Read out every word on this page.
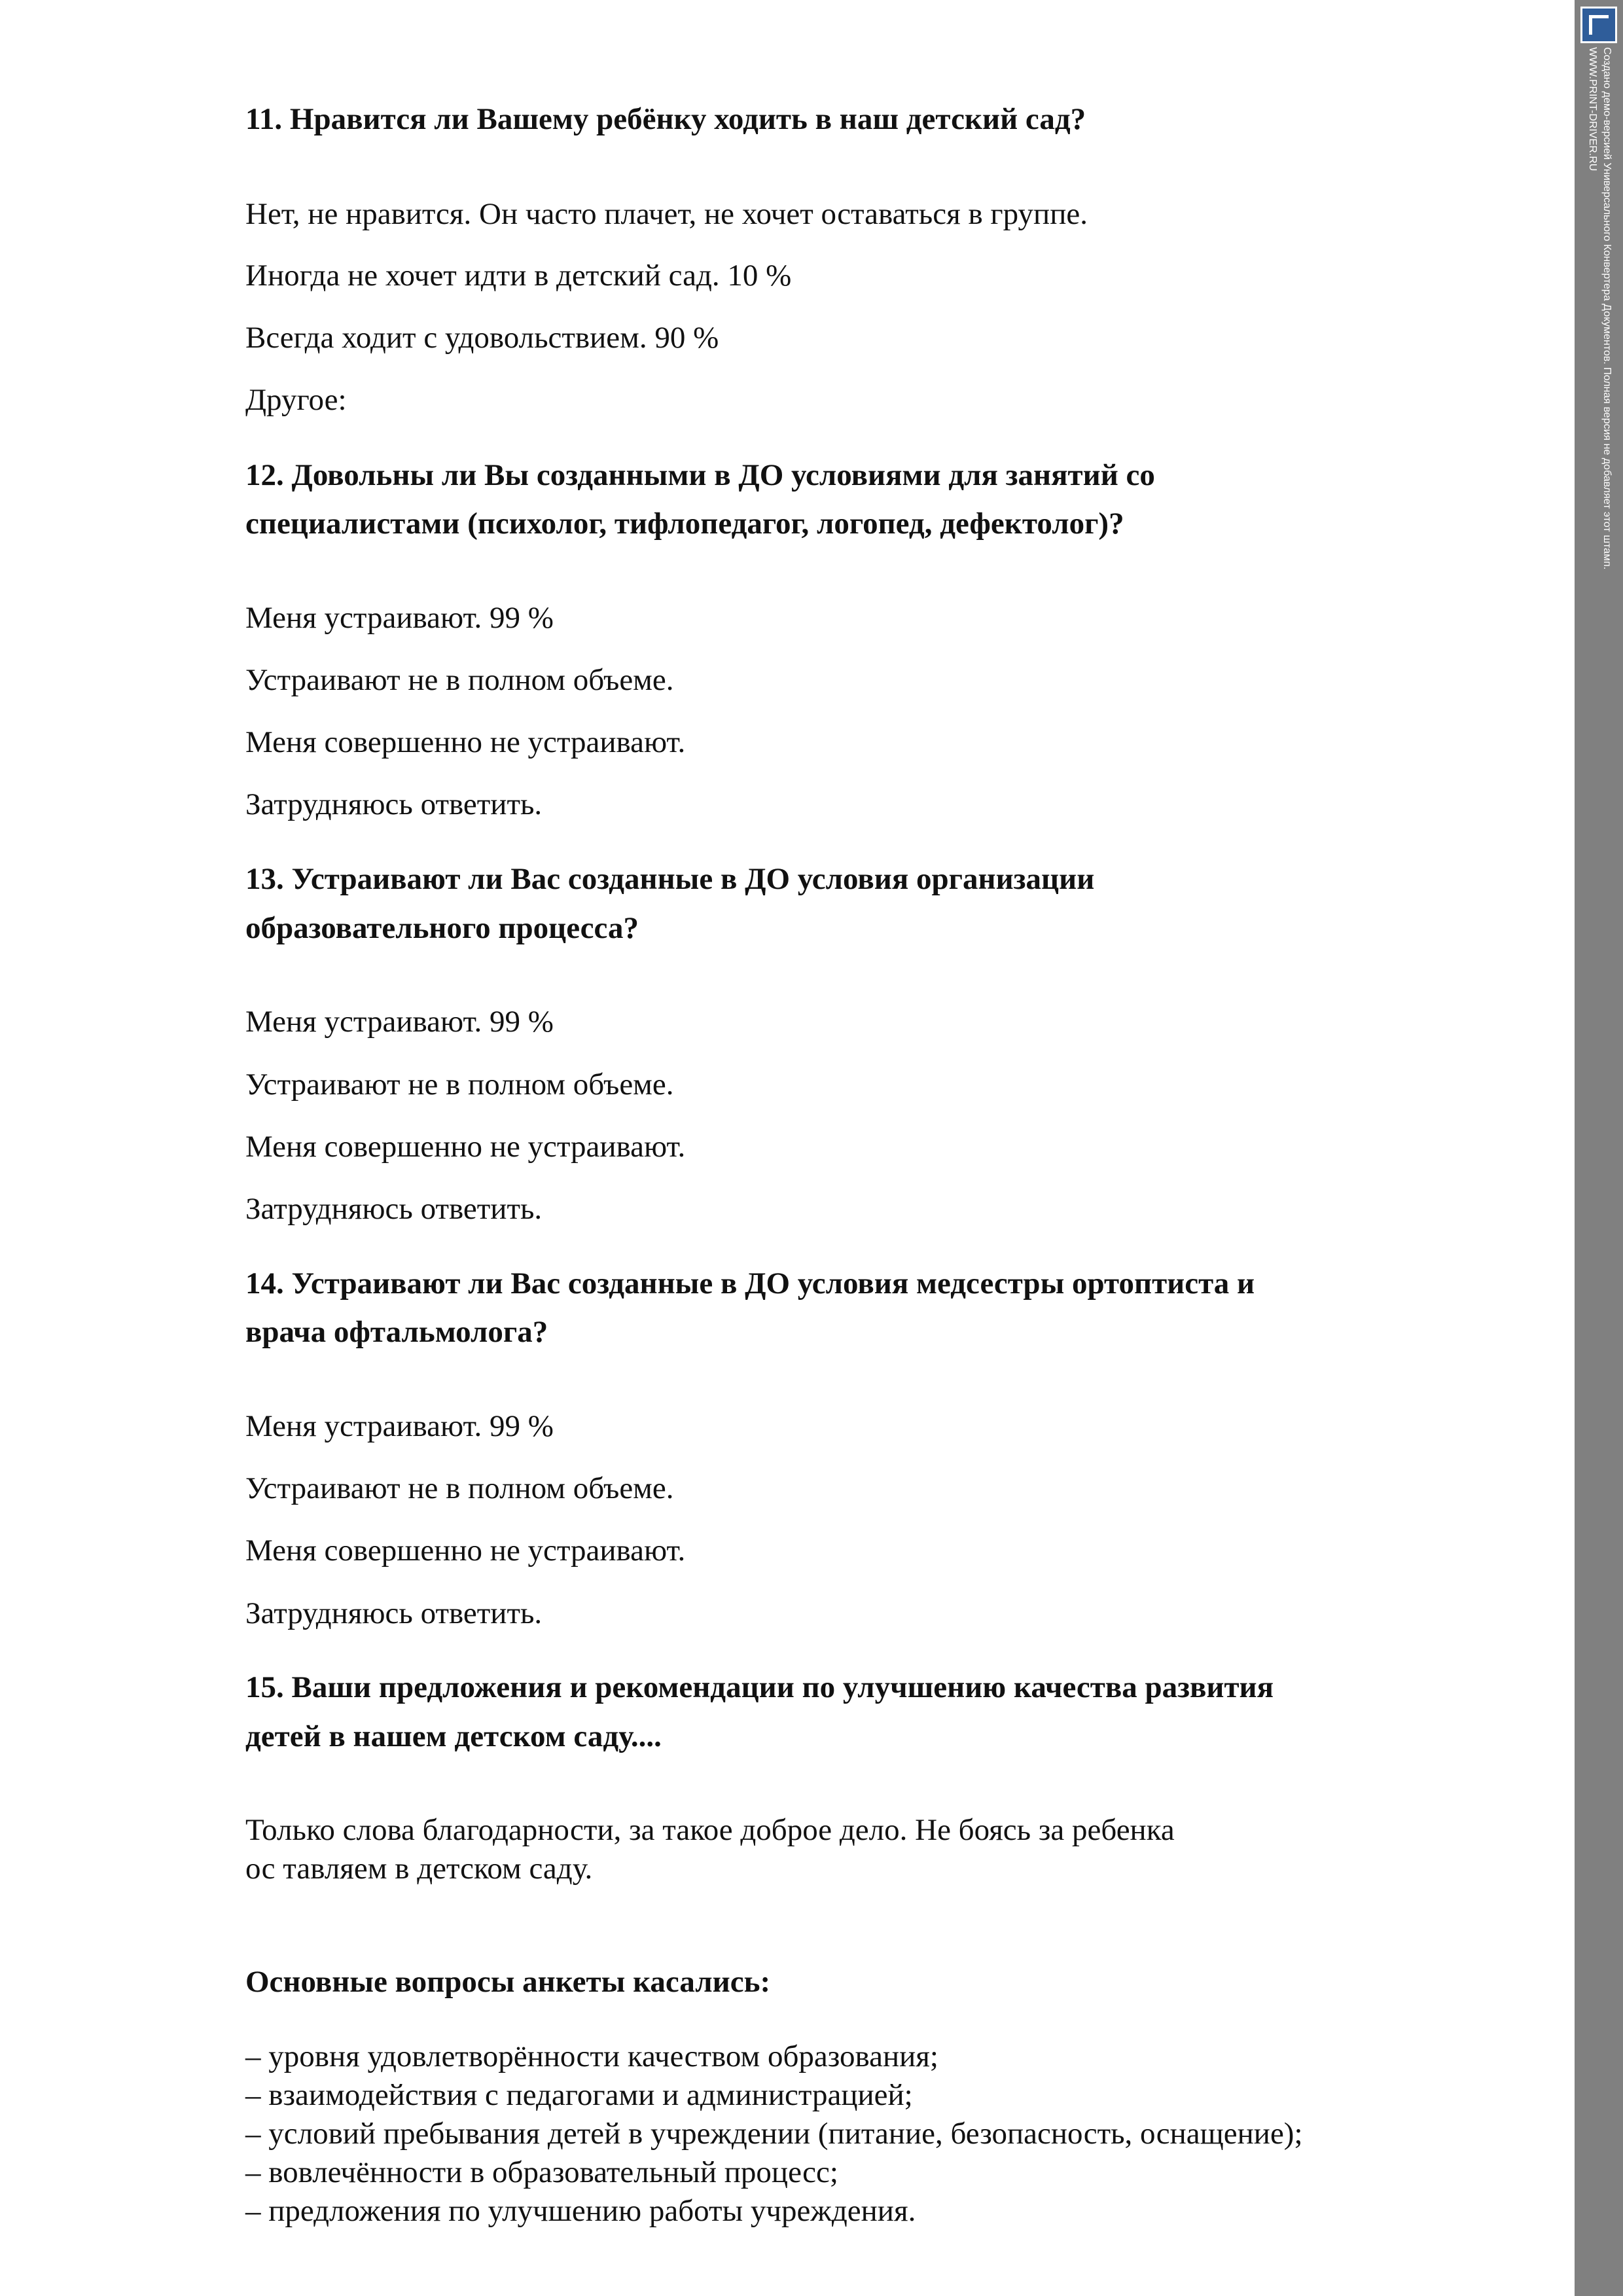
11. Нравится ли Вашему ребёнку ходить в наш детский сад?

Нет, не нравится. Он часто плачет, не хочет оставаться в группе.

Иногда не хочет идти в детский сад. 10 %

Всегда ходит с удовольствием. 90 %

Другое:

12. Довольны ли Вы созданными в ДО условиями для занятий со

специалистами (психолог, тифлопедагог, логопед, дефектолог)?

Меня устраивают. 99 %

Устраивают не в полном объеме.

Меня совершенно не устраивают.

Затрудняюсь ответить.

13. Устраивают ли Вас созданные в ДО условия организации

образовательного процесса?

Меня устраивают. 99 %

Устраивают не в полном объеме.

Меня совершенно не устраивают.

Затрудняюсь ответить.

14. Устраивают ли Вас созданные в ДО условия медсестры ортоптиста и

врача офтальмолога?

Меня устраивают. 99 %

Устраивают не в полном объеме.

Меня совершенно не устраивают.

Затрудняюсь ответить.

15. Ваши предложения и рекомендации по улучшению качества развития

детей в нашем детском саду....

Только слова благодарности, за такое доброе дело. Не боясь за ребенка

ос тавляем в детском саду.

Основные вопросы анкеты касались:

– уровня удовлетворённости качеством образования;

– взаимодействия с педагогами и администрацией;

– условий пребывания детей в учреждении (питание, безопасность, оснащение);

– вовлечённости в образовательный процесс;

– предложения по улучшению работы учреждения.

Создано демо-версией Универсального Конвертера Документов. Полная версия не добавляет этот штамп.
WWW.PRINT-DRIVER.RU
